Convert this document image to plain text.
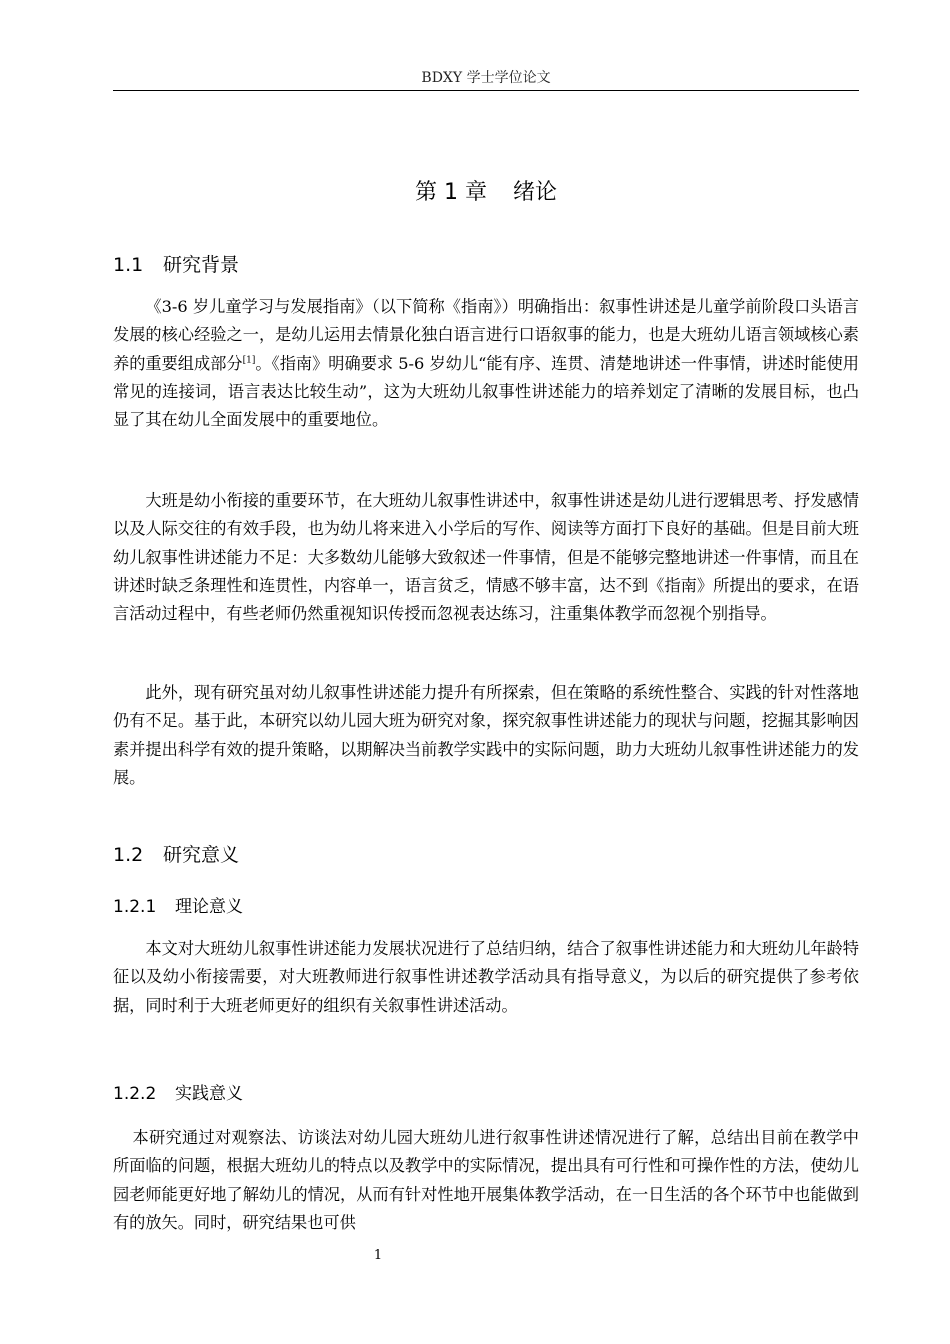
BDXY 学士学位论文
第 1 章 绪论
1.1 研究背景

《3-6 岁儿童学习与发展指南》（以下简称《指南》）明确指出：叙事性讲述是儿童学前阶段口头语言发展的核心经验之一，是幼儿运用去情景化独白语言进行口语叙事的能力，也是大班幼儿语言领域核心素养的重要组成部分[1]。《指南》明确要求 5-6 岁幼儿“能有序、连贯、清楚地讲述一件事情，讲述时能使用常见的连接词，语言表达比较生动”，这为大班幼儿叙事性讲述能力的培养划定了清晰的发展目标，也凸显了其在幼儿全面发展中的重要地位。

大班是幼小衔接的重要环节，在大班幼儿叙事性讲述中，叙事性讲述是幼儿进行逻辑思考、抒发感情以及人际交往的有效手段，也为幼儿将来进入小学后的写作、阅读等方面打下良好的基础。但是目前大班幼儿叙事性讲述能力不足：大多数幼儿能够大致叙述一件事情，但是不能够完整地讲述一件事情，而且在讲述时缺乏条理性和连贯性，内容单一，语言贫乏，情感不够丰富，达不到《指南》所提出的要求，在语言活动过程中，有些老师仍然重视知识传授而忽视表达练习，注重集体教学而忽视个别指导。

此外，现有研究虽对幼儿叙事性讲述能力提升有所探索，但在策略的系统性整合、实践的针对性落地仍有不足。基于此，本研究以幼儿园大班为研究对象，探究叙事性讲述能力的现状与问题，挖掘其影响因素并提出科学有效的提升策略，以期解决当前教学实践中的实际问题，助力大班幼儿叙事性讲述能力的发展。

1.2 研究意义
1.2.1 理论意义

本文对大班幼儿叙事性讲述能力发展状况进行了总结归纳，结合了叙事性讲述能力和大班幼儿年龄特征以及幼小衔接需要，对大班教师进行叙事性讲述教学活动具有指导意义，为以后的研究提供了参考依据，同时利于大班老师更好的组织有关叙事性讲述活动。

1.2.2 实践意义

本研究通过对观察法、访谈法对幼儿园大班幼儿进行叙事性讲述情况进行了解，总结出目前在教学中所面临的问题，根据大班幼儿的特点以及教学中的实际情况，提出具有可行性和可操作性的方法，使幼儿园老师能更好地了解幼儿的情况，从而有针对性地开展集体教学活动，在一日生活的各个环节中也能做到有的放矢。同时，研究结果也可供

1
